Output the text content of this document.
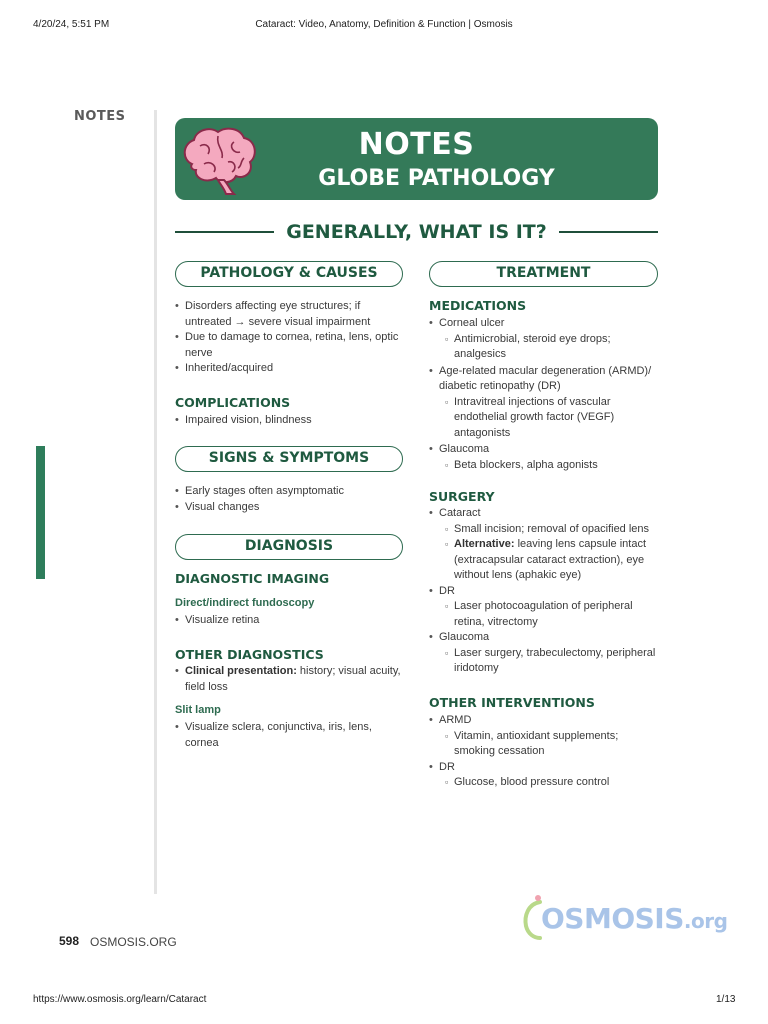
4/20/24, 5:51 PM	Cataract: Video, Anatomy, Definition & Function | Osmosis
NOTES
NOTES
GLOBE PATHOLOGY
GENERALLY, WHAT IS IT?
PATHOLOGY & CAUSES
• Disorders affecting eye structures; if untreated → severe visual impairment
• Due to damage to cornea, retina, lens, optic nerve
• Inherited/acquired
COMPLICATIONS
• Impaired vision, blindness
SIGNS & SYMPTOMS
• Early stages often asymptomatic
• Visual changes
DIAGNOSIS
DIAGNOSTIC IMAGING
Direct/indirect fundoscopy
• Visualize retina
OTHER DIAGNOSTICS
• Clinical presentation: history; visual acuity, field loss
Slit lamp
• Visualize sclera, conjunctiva, iris, lens, cornea
TREATMENT
MEDICATIONS
• Corneal ulcer
▫ Antimicrobial, steroid eye drops; analgesics
• Age-related macular degeneration (ARMD)/ diabetic retinopathy (DR)
▫ Intravitreal injections of vascular endothelial growth factor (VEGF) antagonists
• Glaucoma
▫ Beta blockers, alpha agonists
SURGERY
• Cataract
▫ Small incision; removal of opacified lens
▫ Alternative: leaving lens capsule intact (extracapsular cataract extraction), eye without lens (aphakic eye)
• DR
▫ Laser photocoagulation of peripheral retina, vitrectomy
• Glaucoma
▫ Laser surgery, trabeculectomy, peripheral iridotomy
OTHER INTERVENTIONS
• ARMD
▫ Vitamin, antioxidant supplements; smoking cessation
• DR
▫ Glucose, blood pressure control
598 OSMOSIS.ORG
OSMOSIS.org
https://www.osmosis.org/learn/Cataract	1/13
